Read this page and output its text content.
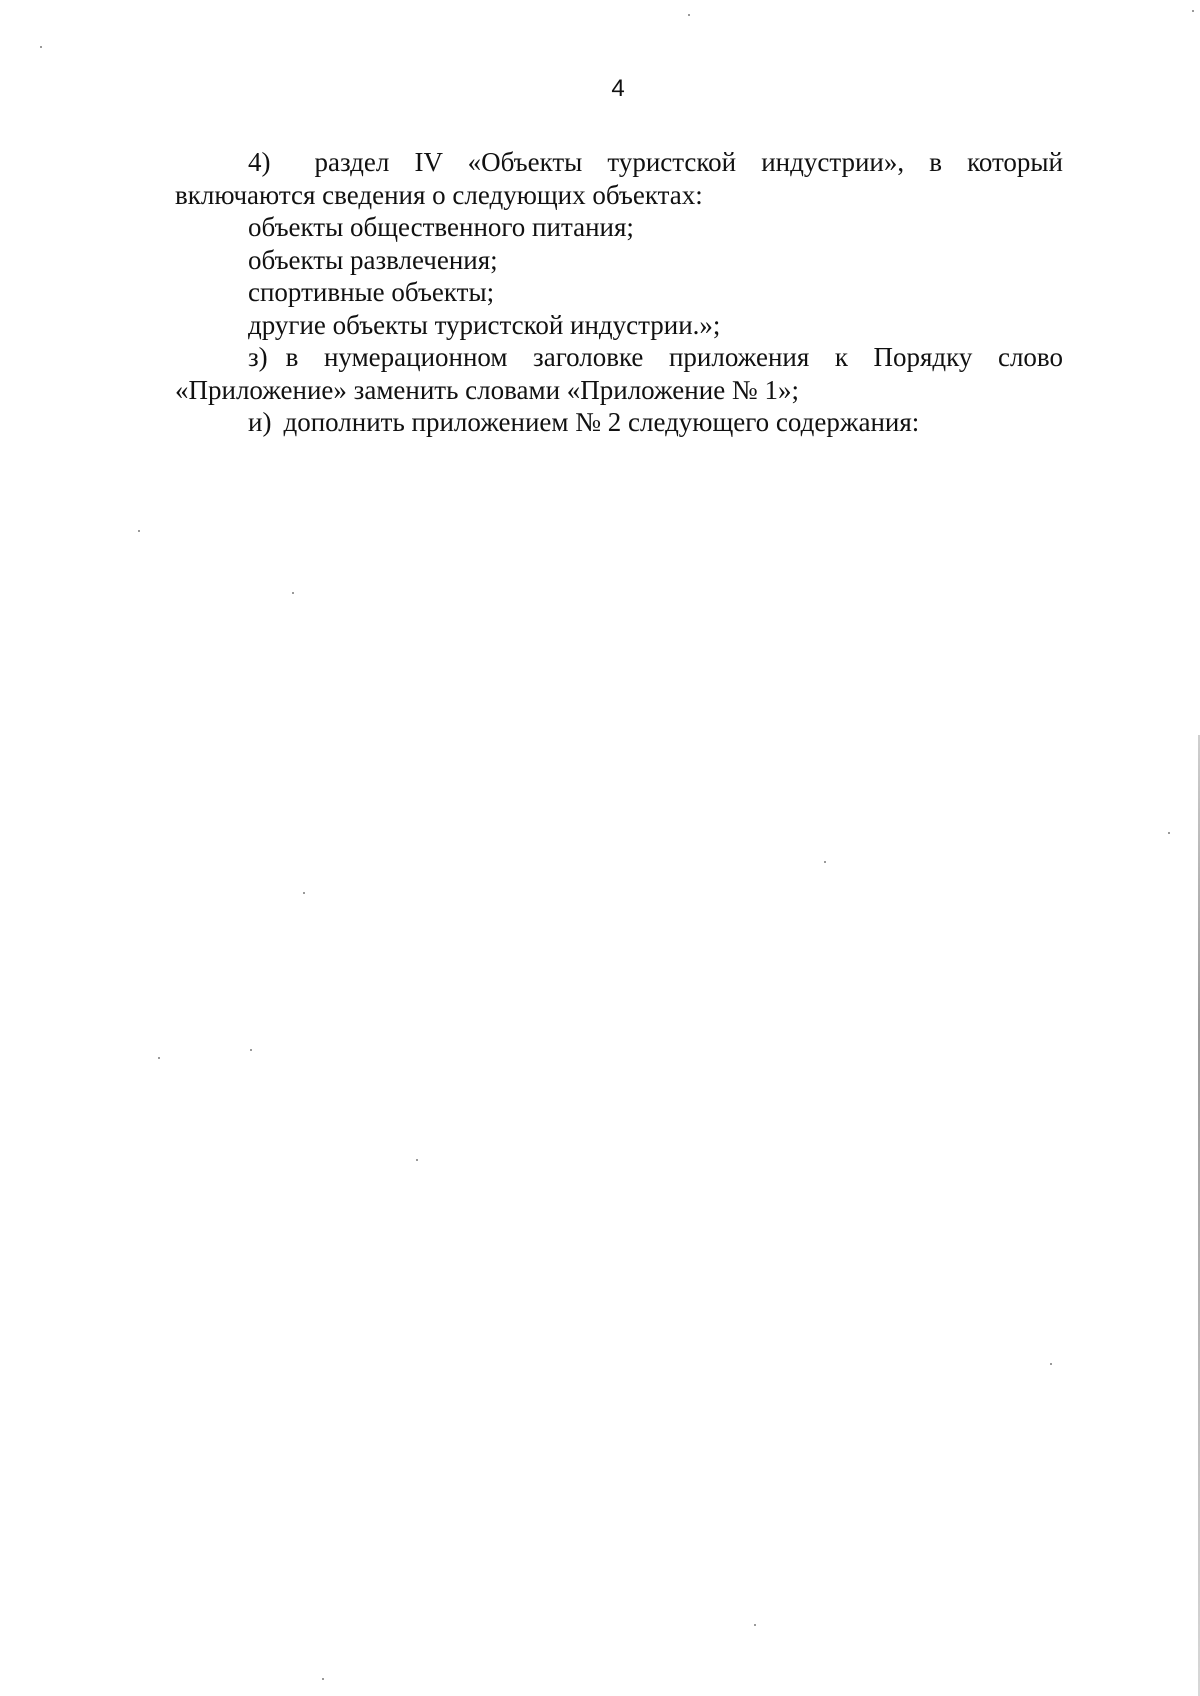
4

4) раздел IV «Объекты туристской индустрии», в который включаются сведения о следующих объектах:

объекты общественного питания;

объекты развлечения;

спортивные объекты;

другие объекты туристской индустрии.»;

з) в нумерационном заголовке приложения к Порядку слово «Приложение» заменить словами «Приложение № 1»;

и) дополнить приложением № 2 следующего содержания:
